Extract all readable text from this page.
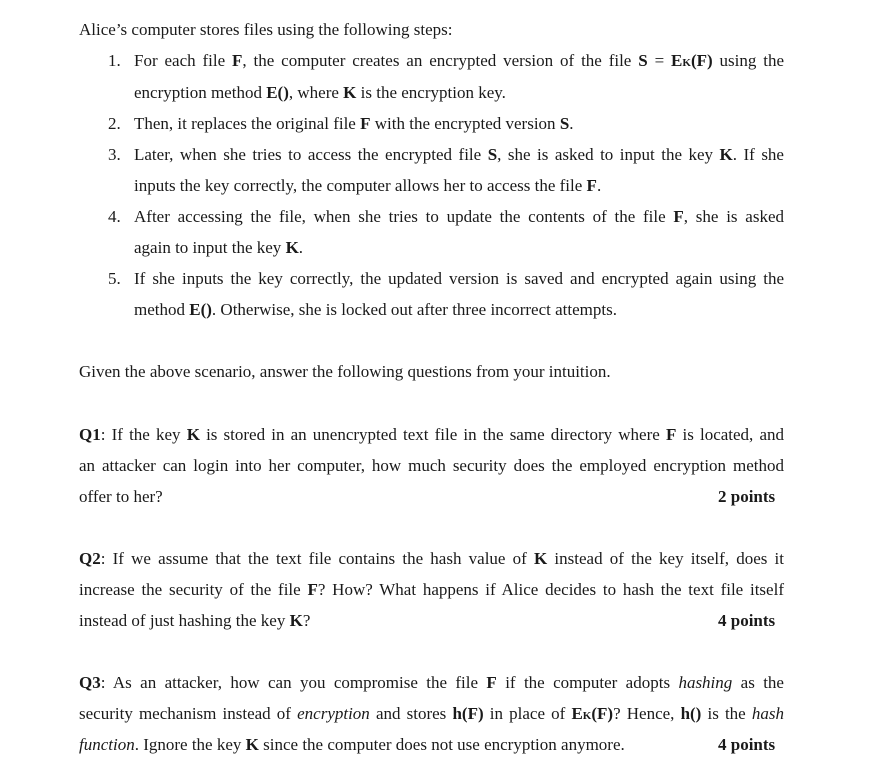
Alice’s computer stores files using the following steps:
1. For each file F, the computer creates an encrypted version of the file S = EK(F) using the
encryption method E(), where K is the encryption key.
2. Then, it replaces the original file F with the encrypted version S.
3. Later, when she tries to access the encrypted file S, she is asked to input the key K. If she
inputs the key correctly, the computer allows her to access the file F.
4. After accessing the file, when she tries to update the contents of the file F, she is asked
again to input the key K.
5. If she inputs the key correctly, the updated version is saved and encrypted again using the
method E(). Otherwise, she is locked out after three incorrect attempts.
Given the above scenario, answer the following questions from your intuition.
Q1: If the key K is stored in an unencrypted text file in the same directory where F is located, and
an attacker can login into her computer, how much security does the employed encryption method
offer to her?	2 points
Q2: If we assume that the text file contains the hash value of K instead of the key itself, does it
increase the security of the file F? How? What happens if Alice decides to hash the text file itself
instead of just hashing the key K?	4 points
Q3: As an attacker, how can you compromise the file F if the computer adopts hashing as the
security mechanism instead of encryption and stores h(F) in place of EK(F)? Hence, h() is the hash
function. Ignore the key K since the computer does not use encryption anymore.	4 points
